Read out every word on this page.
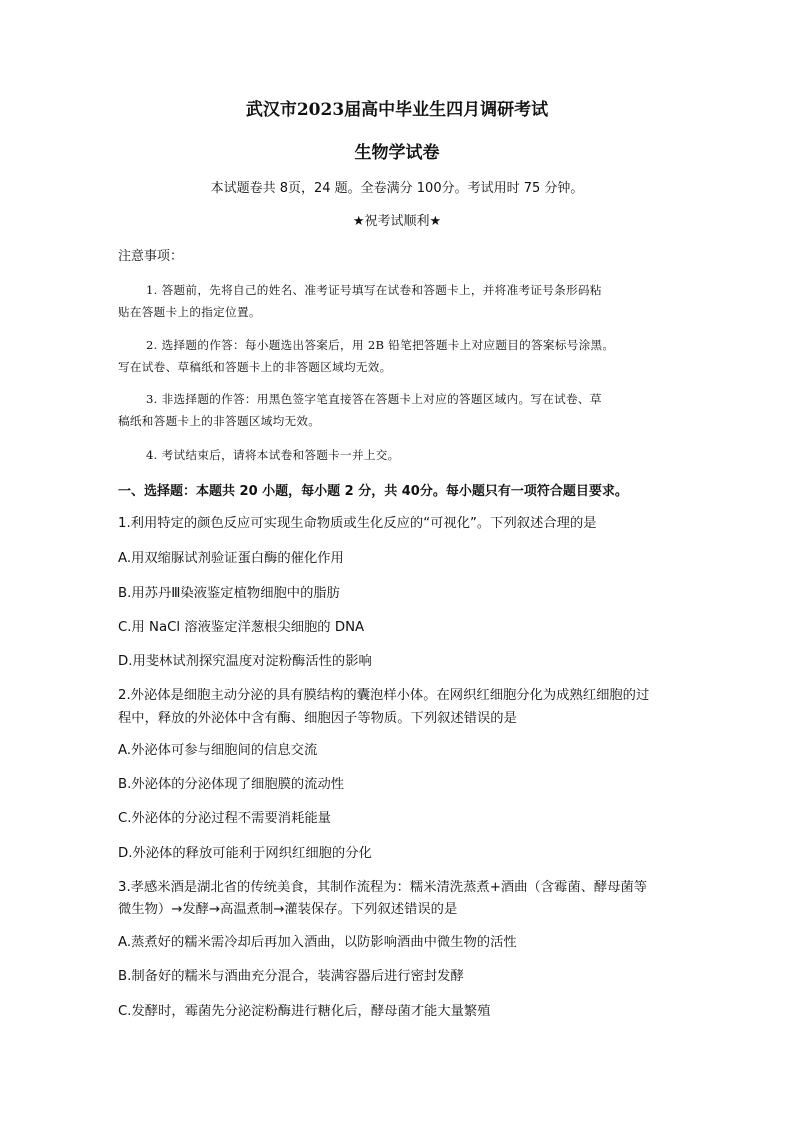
武汉市2023届高中毕业生四月调研考试
生物学试卷
本试题卷共 8页，24 题。全卷满分 100分。考试用时 75 分钟。
★祝考试顺利★
注意事项：
1. 答题前，先将自己的姓名、准考证号填写在试卷和答题卡上，并将准考证号条形码粘
贴在答题卡上的指定位置。
2. 选择题的作答：每小题选出答案后，用 2B 铅笔把答题卡上对应题目的答案标号涂黑。
写在试卷、草稿纸和答题卡上的非答题区域均无效。
3. 非选择题的作答：用黑色签字笔直接答在答题卡上对应的答题区域内。写在试卷、草
稿纸和答题卡上的非答题区域均无效。
4. 考试结束后，请将本试卷和答题卡一并上交。
一、选择题：本题共 20 小题，每小题 2 分，共 40分。每小题只有一项符合题目要求。
1.利用特定的颜色反应可实现生命物质或生化反应的“可视化”。下列叙述合理的是
A.用双缩脲试剂验证蛋白酶的催化作用
B.用苏丹Ⅲ染液鉴定植物细胞中的脂肪
C.用 NaCl 溶液鉴定洋葱根尖细胞的 DNA
D.用斐林试剂探究温度对淀粉酶活性的影响
2.外泌体是细胞主动分泌的具有膜结构的囊泡样小体。在网织红细胞分化为成熟红细胞的过
程中，释放的外泌体中含有酶、细胞因子等物质。下列叙述错误的是
A.外泌体可参与细胞间的信息交流
B.外泌体的分泌体现了细胞膜的流动性
C.外泌体的分泌过程不需要消耗能量
D.外泌体的释放可能利于网织红细胞的分化
3.孝感米酒是湖北省的传统美食，其制作流程为：糯米清洗蒸煮+酒曲（含霉菌、酵母菌等
微生物）→发酵→高温煮制→灌装保存。下列叙述错误的是
A.蒸煮好的糯米需冷却后再加入酒曲，以防影响酒曲中微生物的活性
B.制备好的糯米与酒曲充分混合，装满容器后进行密封发酵
C.发酵时，霉菌先分泌淀粉酶进行糖化后，酵母菌才能大量繁殖
